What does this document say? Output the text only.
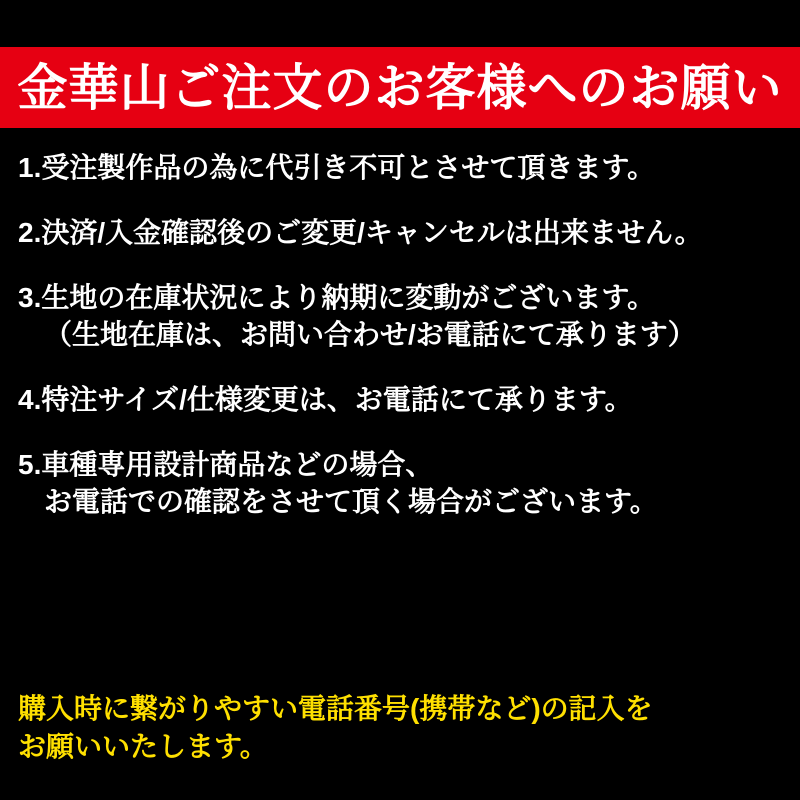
金華山ご注文のお客様へのお願い
1.受注製作品の為に代引き不可とさせて頂きます。
2.決済/入金確認後のご変更/キャンセルは出来ません。
3.生地の在庫状況により納期に変動がございます。
（生地在庫は、お問い合わせ/お電話にて承ります）
4.特注サイズ/仕様変更は、お電話にて承ります。
5.車種専用設計商品などの場合、
お電話での確認をさせて頂く場合がございます。
購入時に繋がりやすい電話番号(携帯など)の記入を
お願いいたします。
